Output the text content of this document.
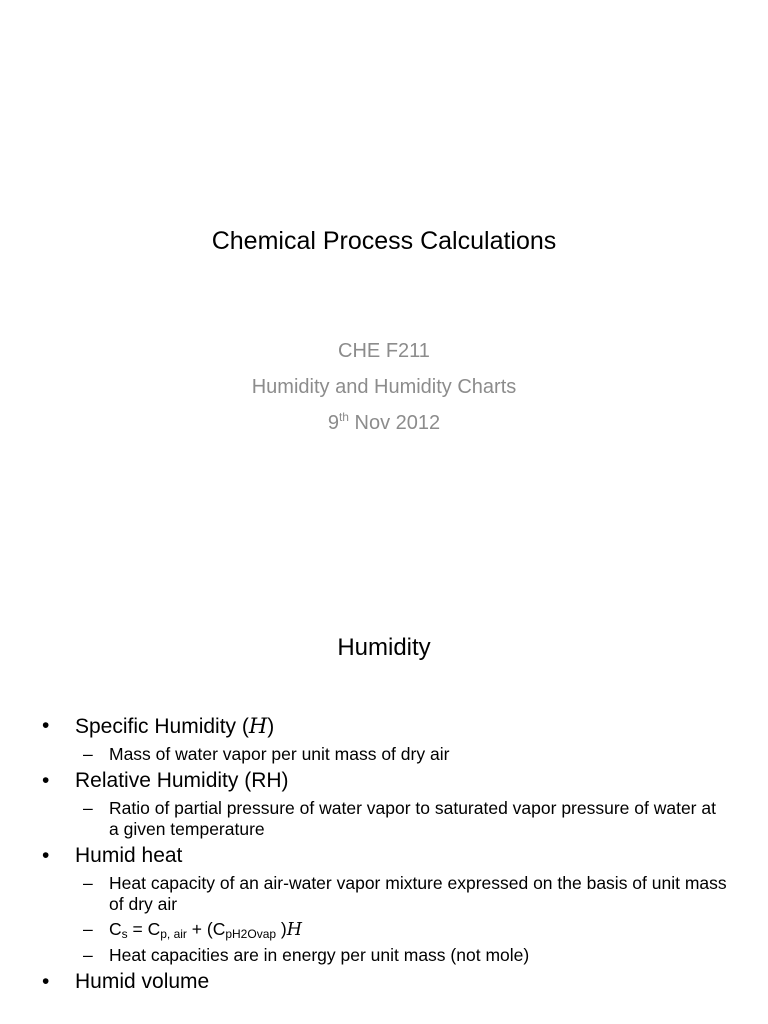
Chemical Process Calculations
CHE F211
Humidity and Humidity Charts
9th Nov 2012
Humidity
• Specific Humidity (H)
– Mass of water vapor per unit mass of dry air
• Relative Humidity (RH)
– Ratio of partial pressure of water vapor to saturated vapor pressure of water at a given temperature
• Humid heat
– Heat capacity of an air-water vapor mixture expressed on the basis of unit mass of dry air
– $C_s = C_{p, air} + (C_{pH2Ovap}$ )H
– Heat capacities are in energy per unit mass (not mole)
• Humid volume
